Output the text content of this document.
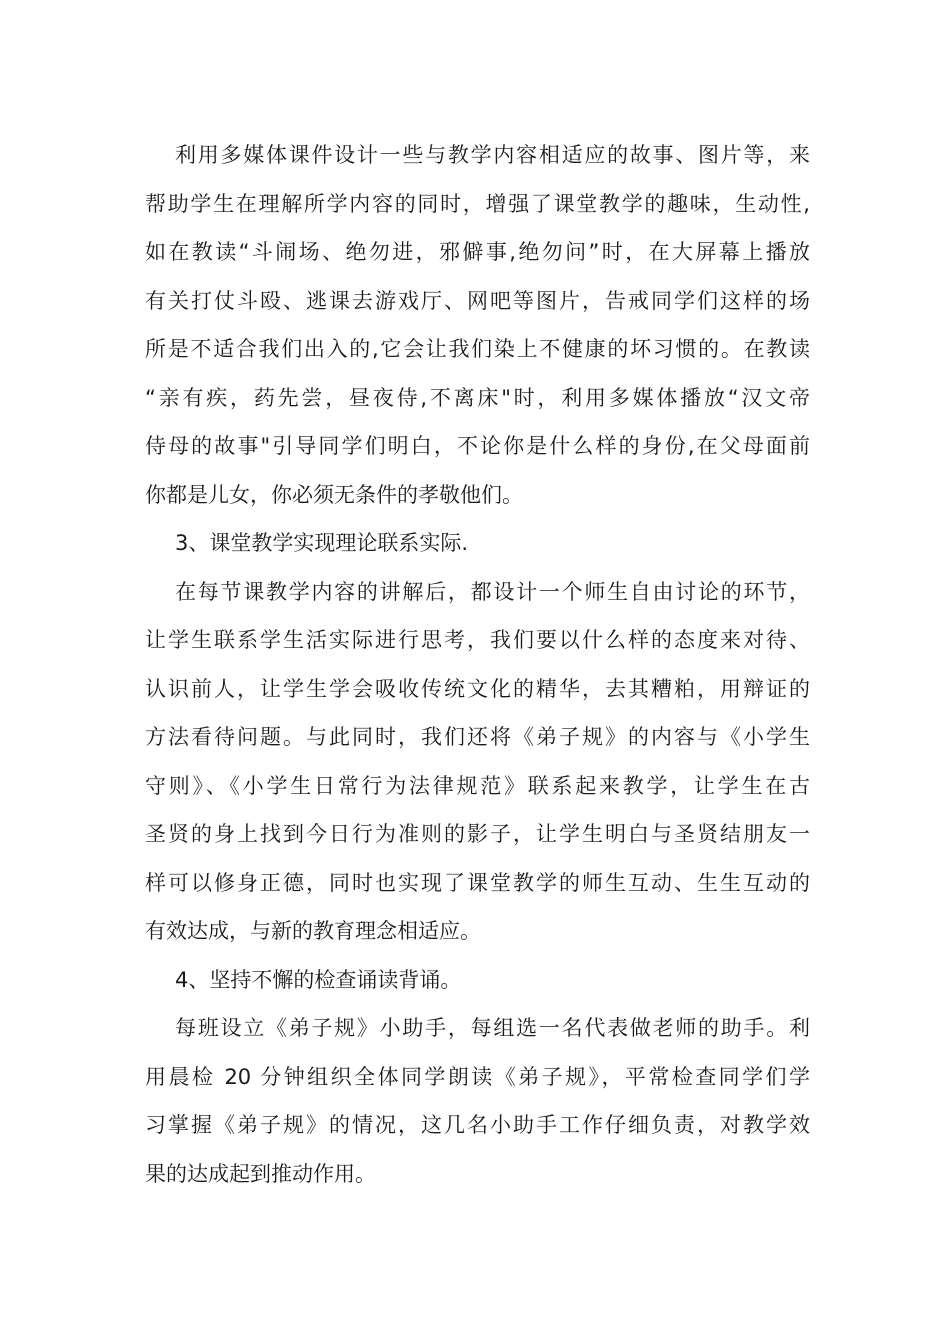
利用多媒体课件设计一些与教学内容相适应的故事、图片等，来
帮助学生在理解所学内容的同时，增强了课堂教学的趣味，生动性,
如在教读“斗闹场、绝勿进，邪僻事,绝勿问”时，在大屏幕上播放
有关打仗斗殴、逃课去游戏厅、网吧等图片，告戒同学们这样的场
所是不适合我们出入的,它会让我们染上不健康的坏习惯的。在教读
“亲有疾，药先尝，昼夜侍,不离床"时，利用多媒体播放“汉文帝
侍母的故事"引导同学们明白，不论你是什么样的身份,在父母面前
你都是儿女，你必须无条件的孝敬他们。
3、课堂教学实现理论联系实际.
在每节课教学内容的讲解后，都设计一个师生自由讨论的环节，
让学生联系学生活实际进行思考，我们要以什么样的态度来对待、
认识前人，让学生学会吸收传统文化的精华，去其糟粕，用辩证的
方法看待问题。与此同时，我们还将《弟子规》的内容与《小学生
守则》、《小学生日常行为法律规范》联系起来教学，让学生在古
圣贤的身上找到今日行为准则的影子，让学生明白与圣贤结朋友一
样可以修身正德，同时也实现了课堂教学的师生互动、生生互动的
有效达成，与新的教育理念相适应。
4、坚持不懈的检查诵读背诵。
每班设立《弟子规》小助手，每组选一名代表做老师的助手。利
用晨检 20 分钟组织全体同学朗读《弟子规》，平常检查同学们学
习掌握《弟子规》的情况，这几名小助手工作仔细负责，对教学效
果的达成起到推动作用。
